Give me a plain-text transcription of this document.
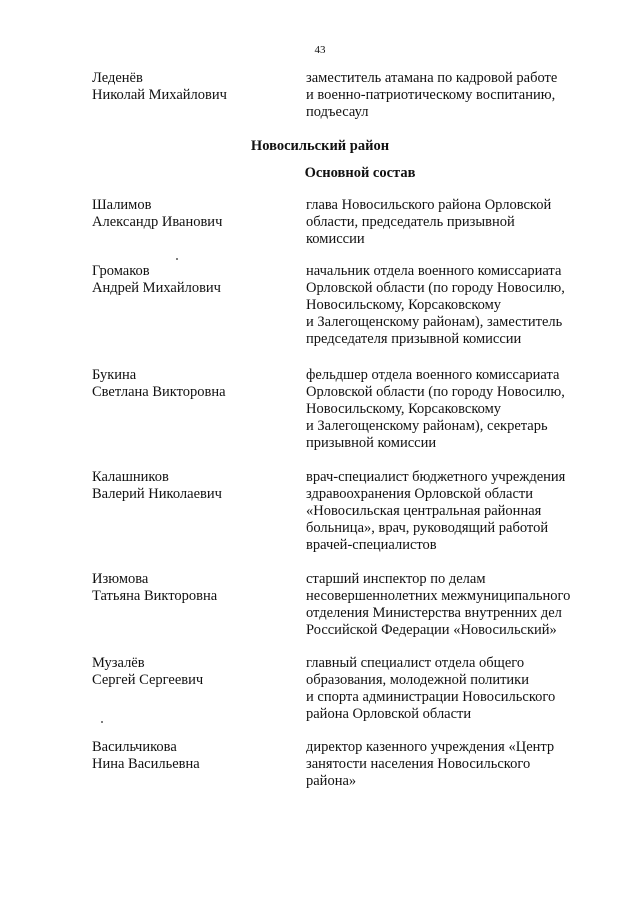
43
Леденёв
Николай Михайлович
заместитель атамана по кадровой работе
и военно-патриотическому воспитанию,
подъесаул
Новосильский район
Основной состав
Шалимов
Александр Иванович
глава Новосильского района Орловской
области, председатель призывной
комиссии
Громаков
Андрей Михайлович
начальник отдела военного комиссариата
Орловской области (по городу Новосилю,
Новосильскому, Корсаковскому
и Залегощенскому районам), заместитель
председателя призывной комиссии
Букина
Светлана Викторовна
фельдшер отдела военного комиссариата
Орловской области (по городу Новосилю,
Новосильскому, Корсаковскому
и Залегощенскому районам), секретарь
призывной комиссии
Калашников
Валерий Николаевич
врач-специалист бюджетного учреждения
здравоохранения Орловской области
«Новосильская центральная районная
больница», врач, руководящий работой
врачей-специалистов
Изюмова
Татьяна Викторовна
старший инспектор по делам
несовершеннолетних межмуниципального
отделения Министерства внутренних дел
Российской Федерации «Новосильский»
Музалёв
Сергей Сергеевич
главный специалист отдела общего
образования, молодежной политики
и спорта администрации Новосильского
района Орловской области
Васильчикова
Нина Васильевна
директор казенного учреждения «Центр
занятости населения Новосильского
района»
